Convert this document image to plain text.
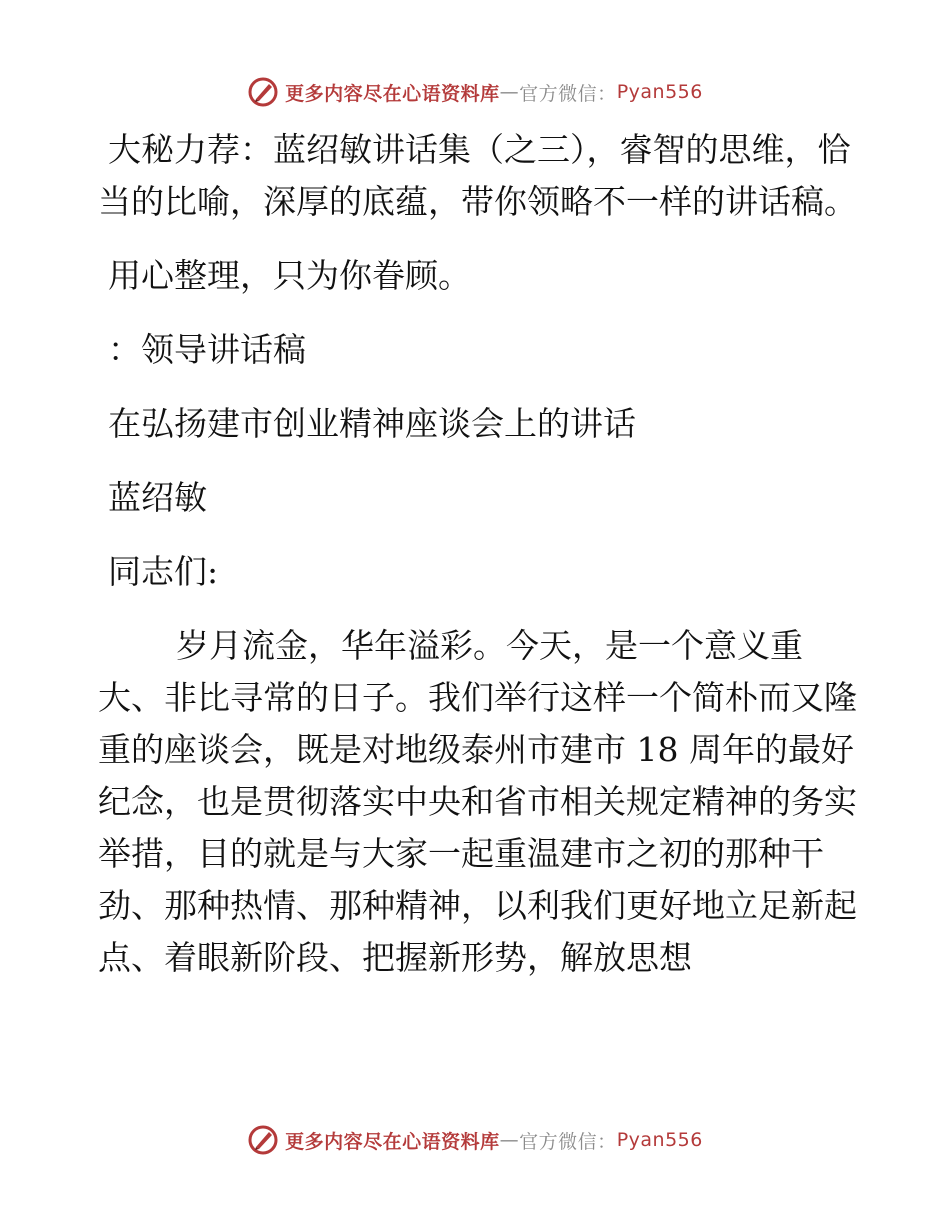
更多内容尽在心语资料库 — 官方微信： Pyan556

大秘力荐：蓝绍敏讲话集（之三），睿智的思维，恰当的比喻，深厚的底蕴，带你领略不一样的讲话稿。

用心整理，只为你眷顾。

：领导讲话稿

在弘扬建市创业精神座谈会上的讲话

蓝绍敏

同志们:

岁月流金，华年溢彩。今天，是一个意义重大、非比寻常的日子。我们举行这样一个简朴而又隆重的座谈会，既是对地级泰州市建市 18 周年的最好纪念，也是贯彻落实中央和省市相关规定精神的务实举措，目的就是与大家一起重温建市之初的那种干劲、那种热情、那种精神，以利我们更好地立足新起点、着眼新阶段、把握新形势，解放思想

更多内容尽在心语资料库 — 官方微信： Pyan556
